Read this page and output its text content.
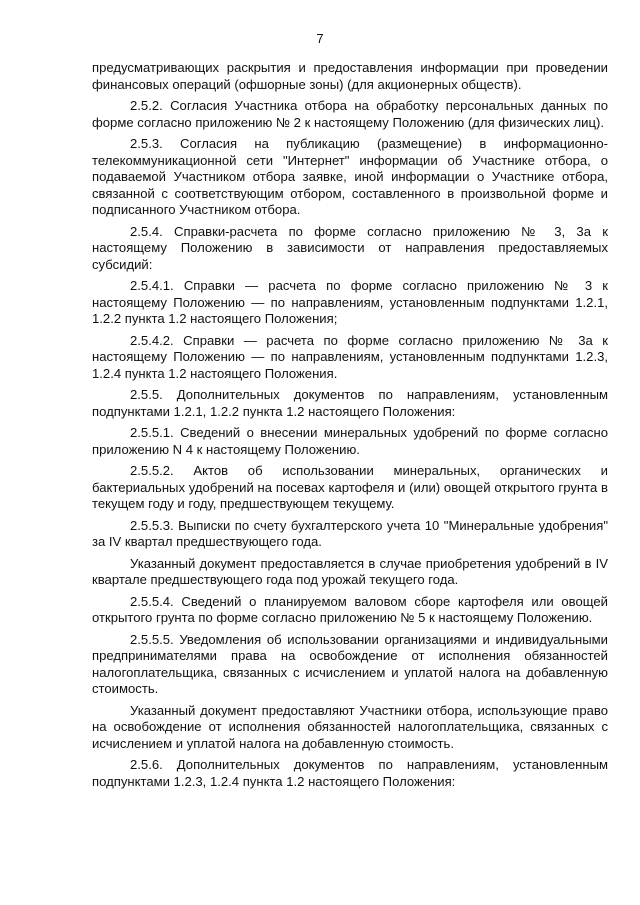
7

предусматривающих раскрытия и предоставления информации при проведении финансовых операций (офшорные зоны) (для акционерных обществ).

2.5.2. Согласия Участника отбора на обработку персональных данных по форме согласно приложению № 2 к настоящему Положению (для физических лиц).

2.5.3. Согласия на публикацию (размещение) в информационно-телекоммуникационной сети "Интернет" информации об Участнике отбора, о подаваемой Участником отбора заявке, иной информации о Участнике отбора, связанной с соответствующим отбором, составленного в произвольной форме и подписанного Участником отбора.

2.5.4. Справки-расчета по форме согласно приложению № 3, 3а к настоящему Положению в зависимости от направления предоставляемых субсидий:

2.5.4.1. Справки — расчета по форме согласно приложению № 3 к настоящему Положению — по направлениям, установленным подпунктами 1.2.1, 1.2.2 пункта 1.2 настоящего Положения;

2.5.4.2. Справки — расчета по форме согласно приложению № 3а к настоящему Положению — по направлениям, установленным подпунктами 1.2.3, 1.2.4 пункта 1.2 настоящего Положения.

2.5.5. Дополнительных документов по направлениям, установленным подпунктами 1.2.1, 1.2.2 пункта 1.2 настоящего Положения:

2.5.5.1. Сведений о внесении минеральных удобрений по форме согласно приложению N 4 к настоящему Положению.

2.5.5.2. Актов об использовании минеральных, органических и бактериальных удобрений на посевах картофеля и (или) овощей открытого грунта в текущем году и году, предшествующем текущему.

2.5.5.3. Выписки по счету бухгалтерского учета 10 "Минеральные удобрения" за IV квартал предшествующего года.

Указанный документ предоставляется в случае приобретения удобрений в IV квартале предшествующего года под урожай текущего года.

2.5.5.4. Сведений о планируемом валовом сборе картофеля или овощей открытого грунта по форме согласно приложению № 5 к настоящему Положению.

2.5.5.5. Уведомления об использовании организациями и индивидуальными предпринимателями права на освобождение от исполнения обязанностей налогоплательщика, связанных с исчислением и уплатой налога на добавленную стоимость.

Указанный документ предоставляют Участники отбора, использующие право на освобождение от исполнения обязанностей налогоплательщика, связанных с исчислением и уплатой налога на добавленную стоимость.

2.5.6. Дополнительных документов по направлениям, установленным подпунктами 1.2.3, 1.2.4 пункта 1.2 настоящего Положения:
